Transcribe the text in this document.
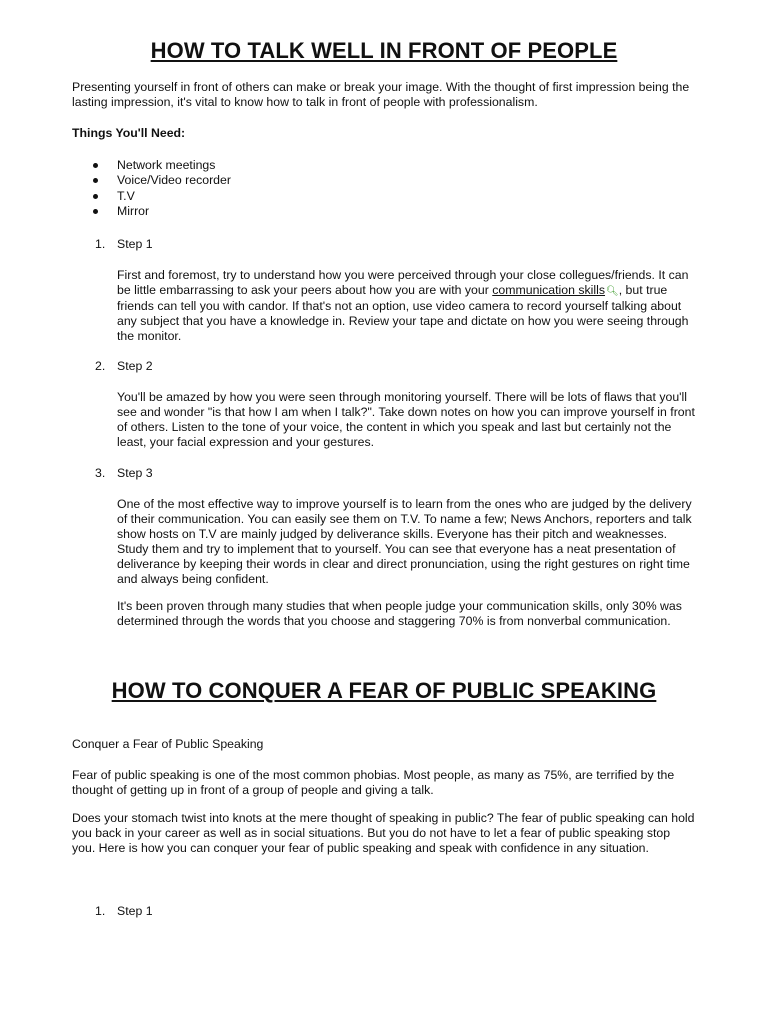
HOW TO TALK WELL IN FRONT OF PEOPLE

Presenting yourself in front of others can make or break your image. With the thought of first impression being the lasting impression, it's vital to know how to talk in front of people with professionalism.

Things You'll Need:

Network meetings
Voice/Video recorder
T.V
Mirror

1. Step 1

First and foremost, try to understand how you were perceived through your close collegues/friends. It can be little embarrassing to ask your peers about how you are with your communication skills🔍︎, but true friends can tell you with candor. If that's not an option, use video camera to record yourself talking about any subject that you have a knowledge in. Review your tape and dictate on how you were seeing through the monitor.

2. Step 2

You'll be amazed by how you were seen through monitoring yourself. There will be lots of flaws that you'll see and wonder "is that how I am when I talk?". Take down notes on how you can improve yourself in front of others. Listen to the tone of your voice, the content in which you speak and last but certainly not the least, your facial expression and your gestures.

3. Step 3

One of the most effective way to improve yourself is to learn from the ones who are judged by the delivery of their communication. You can easily see them on T.V. To name a few; News Anchors, reporters and talk show hosts on T.V are mainly judged by deliverance skills. Everyone has their pitch and weaknesses. Study them and try to implement that to yourself. You can see that everyone has a neat presentation of deliverance by keeping their words in clear and direct pronunciation, using the right gestures on right time and always being confident.

It's been proven through many studies that when people judge your communication skills, only 30% was determined through the words that you choose and staggering 70% is from nonverbal communication.

HOW TO CONQUER A FEAR OF PUBLIC SPEAKING

Conquer a Fear of Public Speaking

Fear of public speaking is one of the most common phobias. Most people, as many as 75%, are terrified by the thought of getting up in front of a group of people and giving a talk.

Does your stomach twist into knots at the mere thought of speaking in public? The fear of public speaking can hold you back in your career as well as in social situations. But you do not have to let a fear of public speaking stop you. Here is how you can conquer your fear of public speaking and speak with confidence in any situation.

1. Step 1
